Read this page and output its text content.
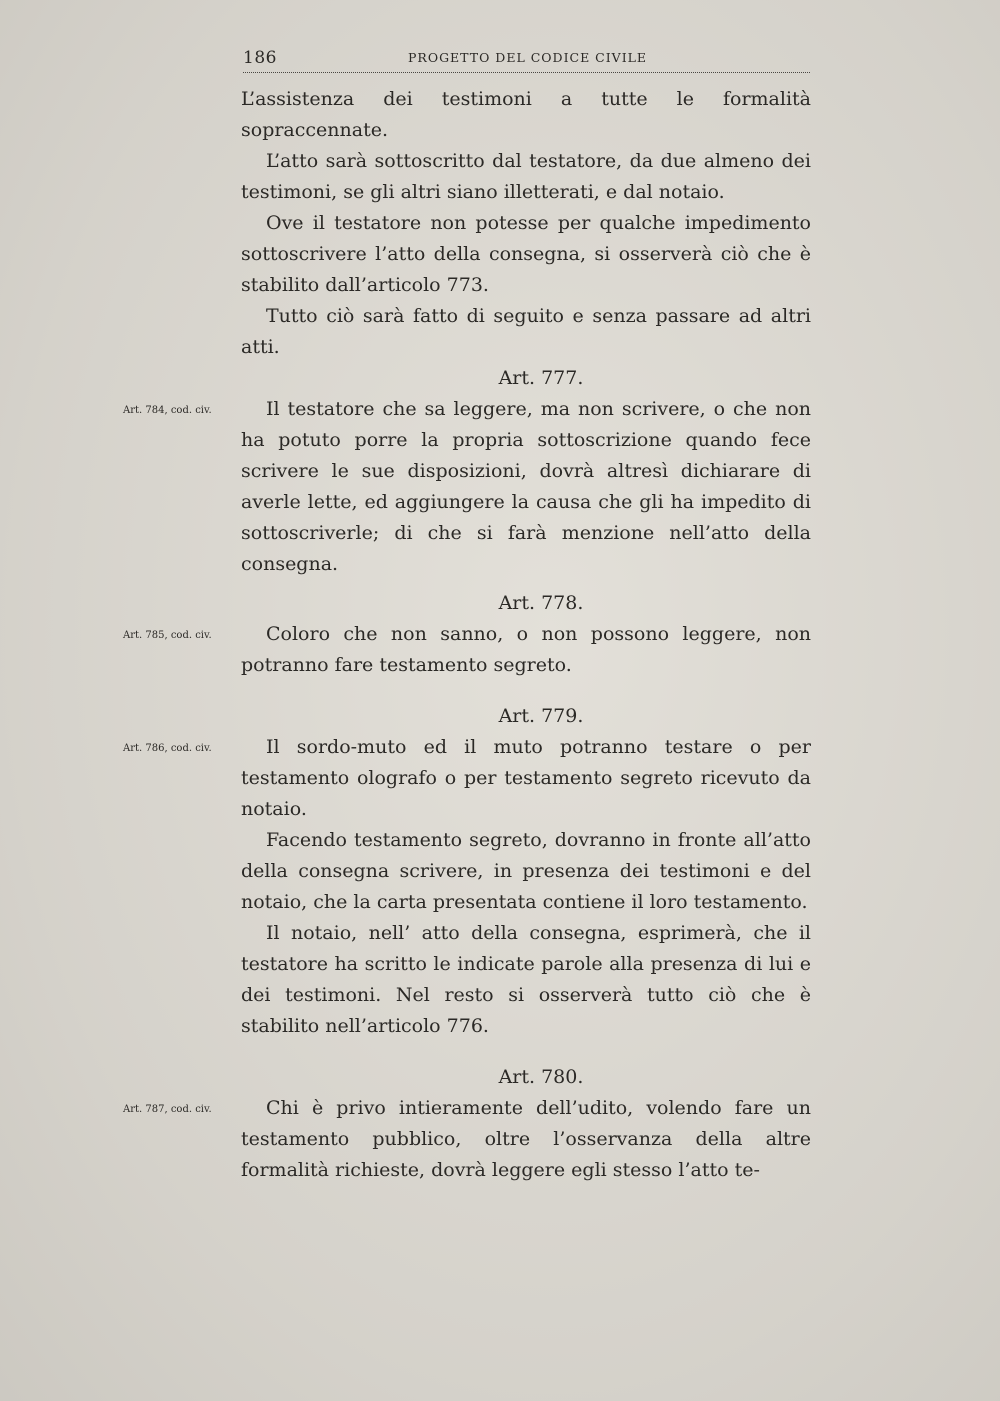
186	PROGETTO DEL CODICE CIVILE

L’assistenza dei testimoni a tutte le formalità sopraccennate.

L’atto sarà sottoscritto dal testatore, da due almeno dei testimoni, se gli altri siano illetterati, e dal notaio.

Ove il testatore non potesse per qualche impedimento sottoscrivere l’atto della consegna, si osserverà ciò che è stabilito dall’articolo 773.

Tutto ciò sarà fatto di seguito e senza passare ad altri atti.

Art. 777.

Art. 784, cod. civ.	Il testatore che sa leggere, ma non scrivere, o che non ha potuto porre la propria sottoscrizione quando fece scrivere le sue disposizioni, dovrà altresì dichiarare di averle lette, ed aggiungere la causa che gli ha impedito di sottoscriverle; di che si farà menzione nell’atto della consegna.

Art. 778.

Art. 785, cod. civ.	Coloro che non sanno, o non possono leggere, non potranno fare testamento segreto.

Art. 779.

Art. 786, cod. civ.	Il sordo-muto ed il muto potranno testare o per testamento olografo o per testamento segreto ricevuto da notaio.

Facendo testamento segreto, dovranno in fronte all’atto della consegna scrivere, in presenza dei testimoni e del notaio, che la carta presentata contiene il loro testamento.

Il notaio, nell’ atto della consegna, esprimerà, che il testatore ha scritto le indicate parole alla presenza di lui e dei testimoni. Nel resto si osserverà tutto ciò che è stabilito nell’articolo 776.

Art. 780.

Art. 787, cod. civ.	Chi è privo intieramente dell’udito, volendo fare un testamento pubblico, oltre l’osservanza della altre formalità richieste, dovrà leggere egli stesso l’atto te-
